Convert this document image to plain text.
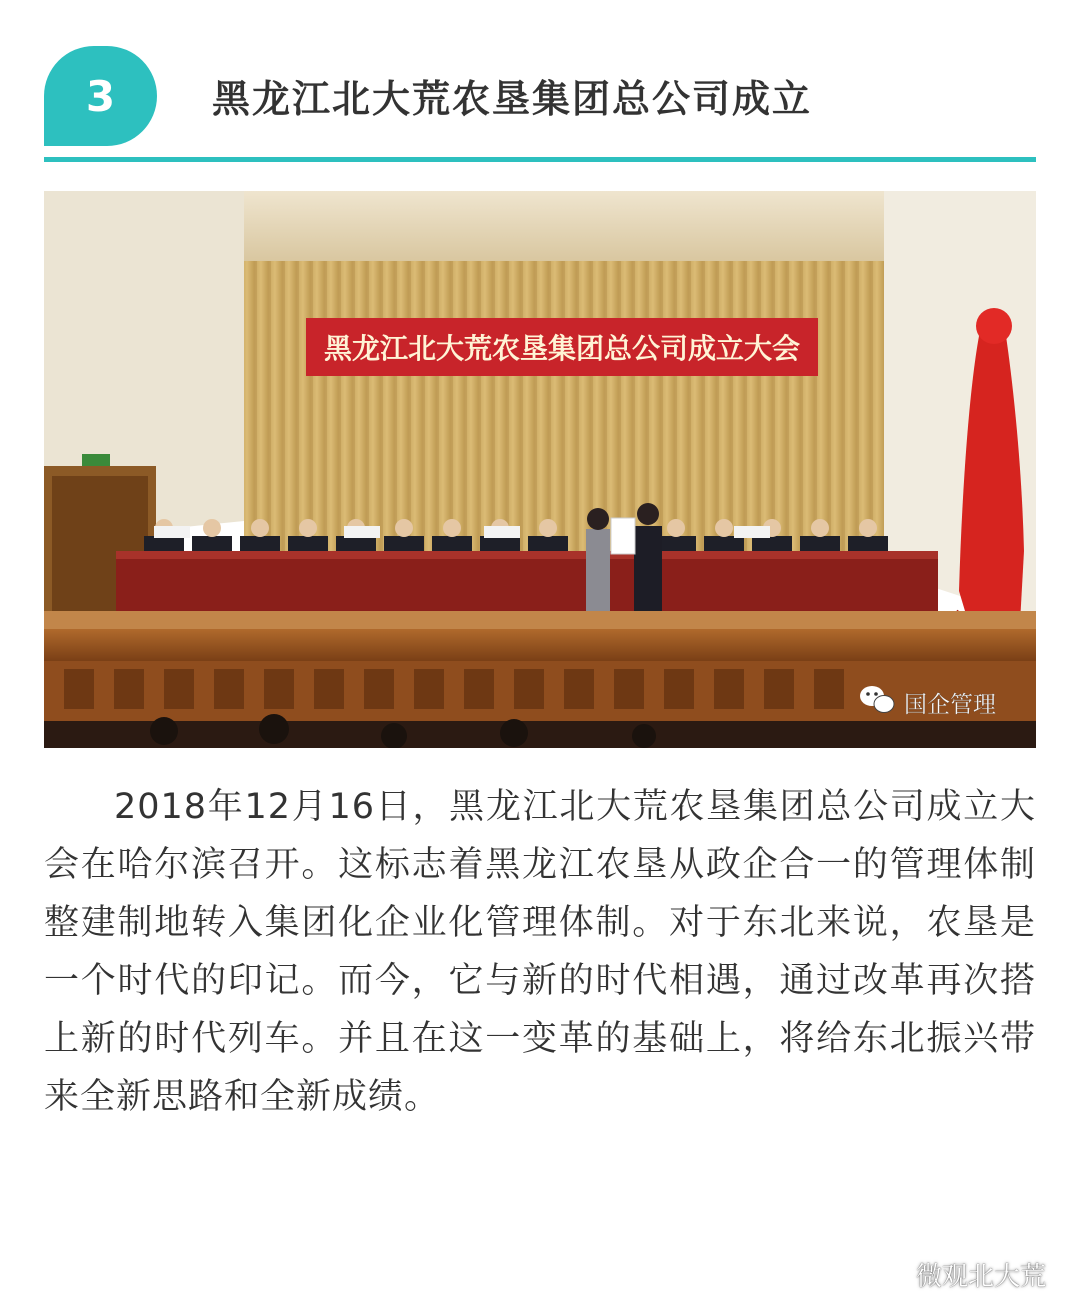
3	黑龙江北大荒农垦集团总公司成立
黑龙江北大荒农垦集团总公司成立大会
国企管理

2018年12月16日，黑龙江北大荒农垦集团总公司成立大会在哈尔滨召开。这标志着黑龙江农垦从政企合一的管理体制整建制地转入集团化企业化管理体制。对于东北来说，农垦是一个时代的印记。而今，它与新的时代相遇，通过改革再次搭上新的时代列车。并且在这一变革的基础上，将给东北振兴带来全新思路和全新成绩。

微观北大荒
